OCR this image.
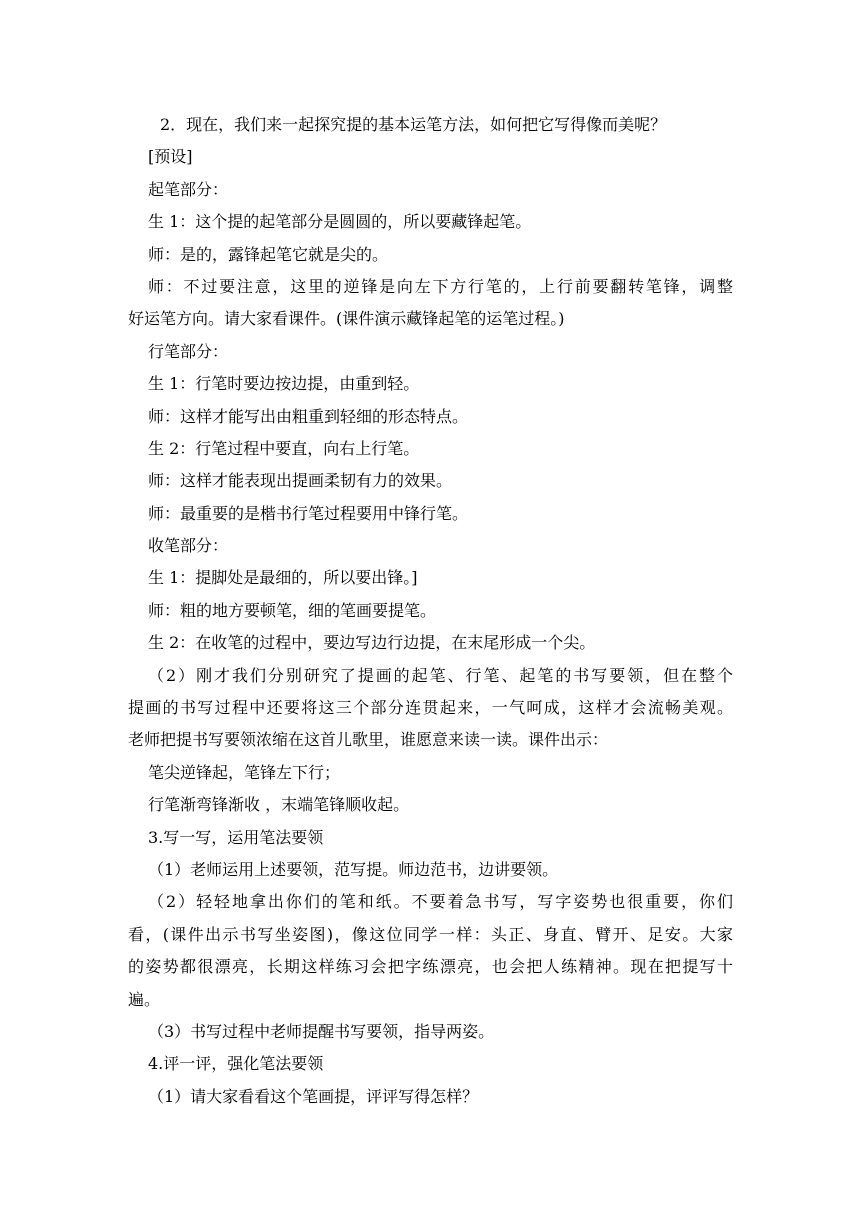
2．现在，我们来一起探究提的基本运笔方法，如何把它写得像而美呢？
[预设]
起笔部分：
生 1：这个提的起笔部分是圆圆的，所以要藏锋起笔。
师：是的，露锋起笔它就是尖的。
师：不过要注意，这里的逆锋是向左下方行笔的，上行前要翻转笔锋，调整
好运笔方向。请大家看课件。(课件演示藏锋起笔的运笔过程。)
行笔部分：
生 1：行笔时要边按边提，由重到轻。
师：这样才能写出由粗重到轻细的形态特点。
生 2：行笔过程中要直，向右上行笔。
师：这样才能表现出提画柔韧有力的效果。
师：最重要的是楷书行笔过程要用中锋行笔。
收笔部分：
生 1：提脚处是最细的，所以要出锋。]
师：粗的地方要顿笔，细的笔画要提笔。
生 2：在收笔的过程中，要边写边行边提，在末尾形成一个尖。
（2）刚才我们分别研究了提画的起笔、行笔、起笔的书写要领，但在整个
提画的书写过程中还要将这三个部分连贯起来，一气呵成，这样才会流畅美观。
老师把提书写要领浓缩在这首儿歌里，谁愿意来读一读。课件出示：
笔尖逆锋起，笔锋左下行；
行笔渐弯锋渐收 ，末端笔锋顺收起。
3.写一写，运用笔法要领
（1）老师运用上述要领，范写提。师边范书，边讲要领。
（2）轻轻地拿出你们的笔和纸。不要着急书写，写字姿势也很重要，你们
看，(课件出示书写坐姿图)，像这位同学一样：头正、身直、臂开、足安。大家
的姿势都很漂亮，长期这样练习会把字练漂亮，也会把人练精神。现在把提写十
遍。
（3）书写过程中老师提醒书写要领，指导两姿。
4.评一评，强化笔法要领
（1）请大家看看这个笔画提，评评写得怎样？
